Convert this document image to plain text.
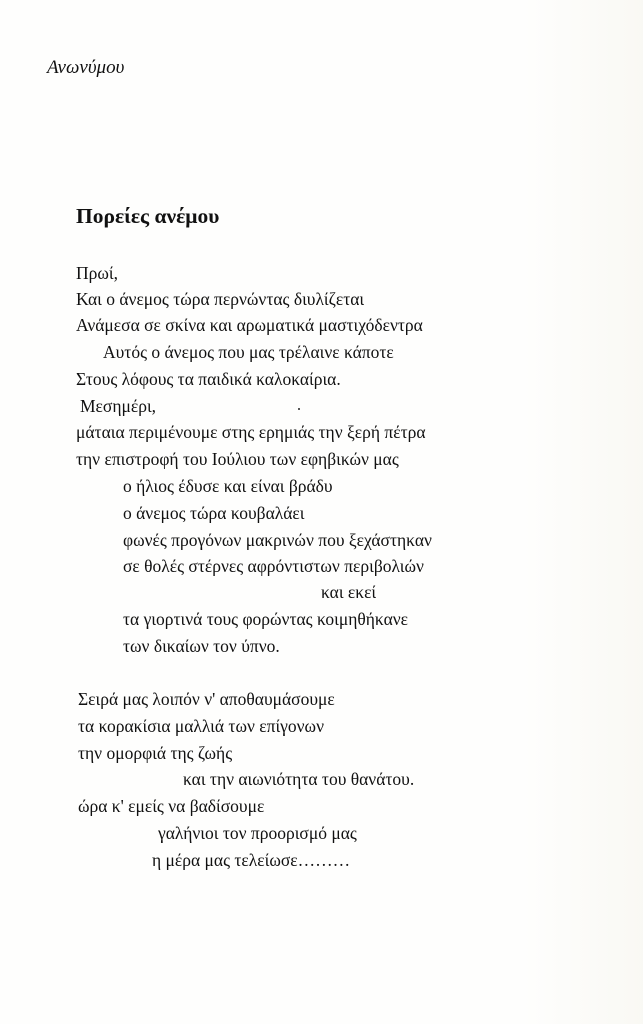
Ανωνύμου
Πορείες ανέμου
Πρωί,
Και ο άνεμος τώρα περνώντας διυλίζεται
Ανάμεσα σε σκίνα και αρωματικά μαστιχόδεντρα
Αυτός ο άνεμος που μας τρέλαινε κάποτε
Στους λόφους τα παιδικά καλοκαίρια.
Μεσημέρι,
μάταια περιμένουμε στης ερημιάς την ξερή πέτρα
την επιστροφή του Ιούλιου των εφηβικών μας
ο ήλιος έδυσε και είναι βράδυ
ο άνεμος τώρα κουβαλάει
φωνές προγόνων μακρινών που ξεχάστηκαν
σε θολές στέρνες αφρόντιστων περιβολιών
και εκεί
τα γιορτινά τους φορώντας κοιμηθήκανε
των δικαίων τον ύπνο.
Σειρά μας λοιπόν ν' αποθαυμάσουμε
τα κορακίσια μαλλιά των επίγονων
την ομορφιά της ζωής
και την αιωνιότητα του θανάτου.
ώρα κ' εμείς να βαδίσουμε
γαλήνιοι τον προορισμό μας
η μέρα μας τελείωσε………
